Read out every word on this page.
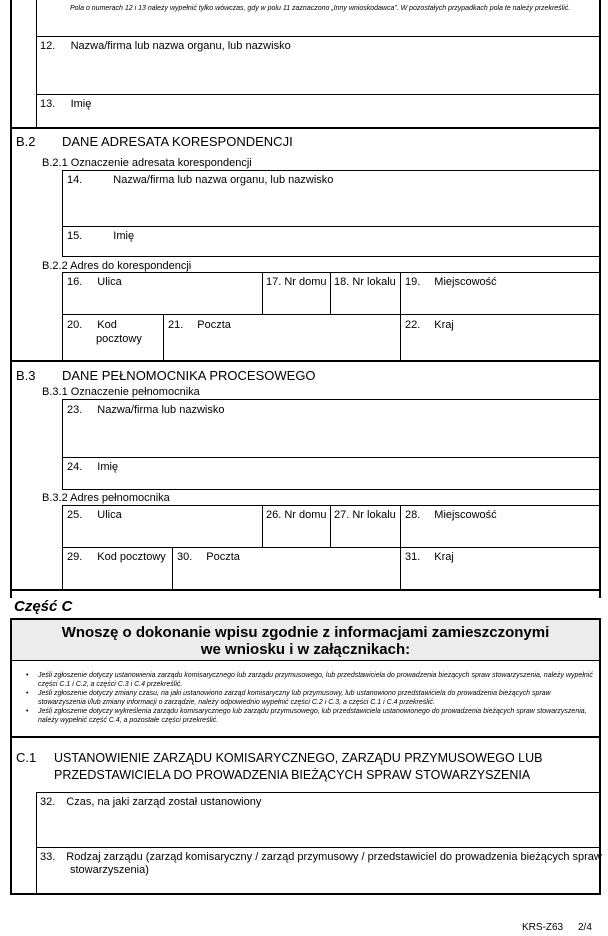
Pola o numerach 12 i 13 należy wypełnić tylko wówczas, gdy w polu 11 zaznaczono „Inny wnioskodawca”. W pozostałych przypadkach pola te należy przekreślić.
12. Nazwa/firma lub nazwa organu, lub nazwisko
13. Imię
B.2 DANE ADRESATA KORESPONDENCJI
B.2.1 Oznaczenie adresata korespondencji
14.	Nazwa/firma lub nazwa organu, lub nazwisko
15.	Imię
B.2.2 Adres do korespondencji
16. Ulica	17. Nr domu 18. Nr lokalu 19. Miejscowość
20. Kod
pocztowy
21. Poczta	22. Kraj
B.3 DANE PEŁNOMOCNIKA PROCESOWEGO
B.3.1 Oznaczenie pełnomocnika
23. Nazwa/firma lub nazwisko
24. Imię
B.3.2 Adres pełnomocnika
25. Ulica	26. Nr domu 27. Nr lokalu 28. Miejscowość
29. Kod pocztowy 30. Poczta	31. Kraj
Część C
Wnoszę o dokonanie wpisu zgodnie z informacjami zamieszczonymi
we wniosku i w załącznikach:
• Jeśli zgłoszenie dotyczy ustanowienia zarządu komisarycznego lub zarządu przymusowego, lub przedstawiciela do prowadzenia bieżących spraw stowarzyszenia, należy wypełnić części C.1 i C.2, a części C.3 i C.4 przekreślić.
• Jeśli zgłoszenie dotyczy zmiany czasu, na jaki ustanowiono zarząd komisaryczny lub przymusowy, lub ustanowiono przedstawiciela do prowadzenia bieżących spraw stowarzyszenia i/lub zmiany informacji o zarządzie, należy odpowiednio wypełnić części C.2 i C.3, a części C.1 i C.4 przekreślić.
• Jeśli zgłoszenie dotyczy wykreślenia zarządu komisarycznego lub zarządu przymusowego, lub przedstawiciela ustanowionego do prowadzenia bieżących spraw stowarzyszenia, należy wypełnić część C.4, a pozostałe części przekreślić.
C.1 USTANOWIENIE ZARZĄDU KOMISARYCZNEGO, ZARZĄDU PRZYMUSOWEGO LUB
PRZEDSTAWICIELA DO PROWADZENIA BIEŻĄCYCH SPRAW STOWARZYSZENIA
32. Czas, na jaki zarząd został ustanowiony
33. Rodzaj zarządu (zarząd komisaryczny / zarząd przymusowy / przedstawiciel do prowadzenia bieżących spraw
stowarzyszenia)
KRS-Z63 2/4
